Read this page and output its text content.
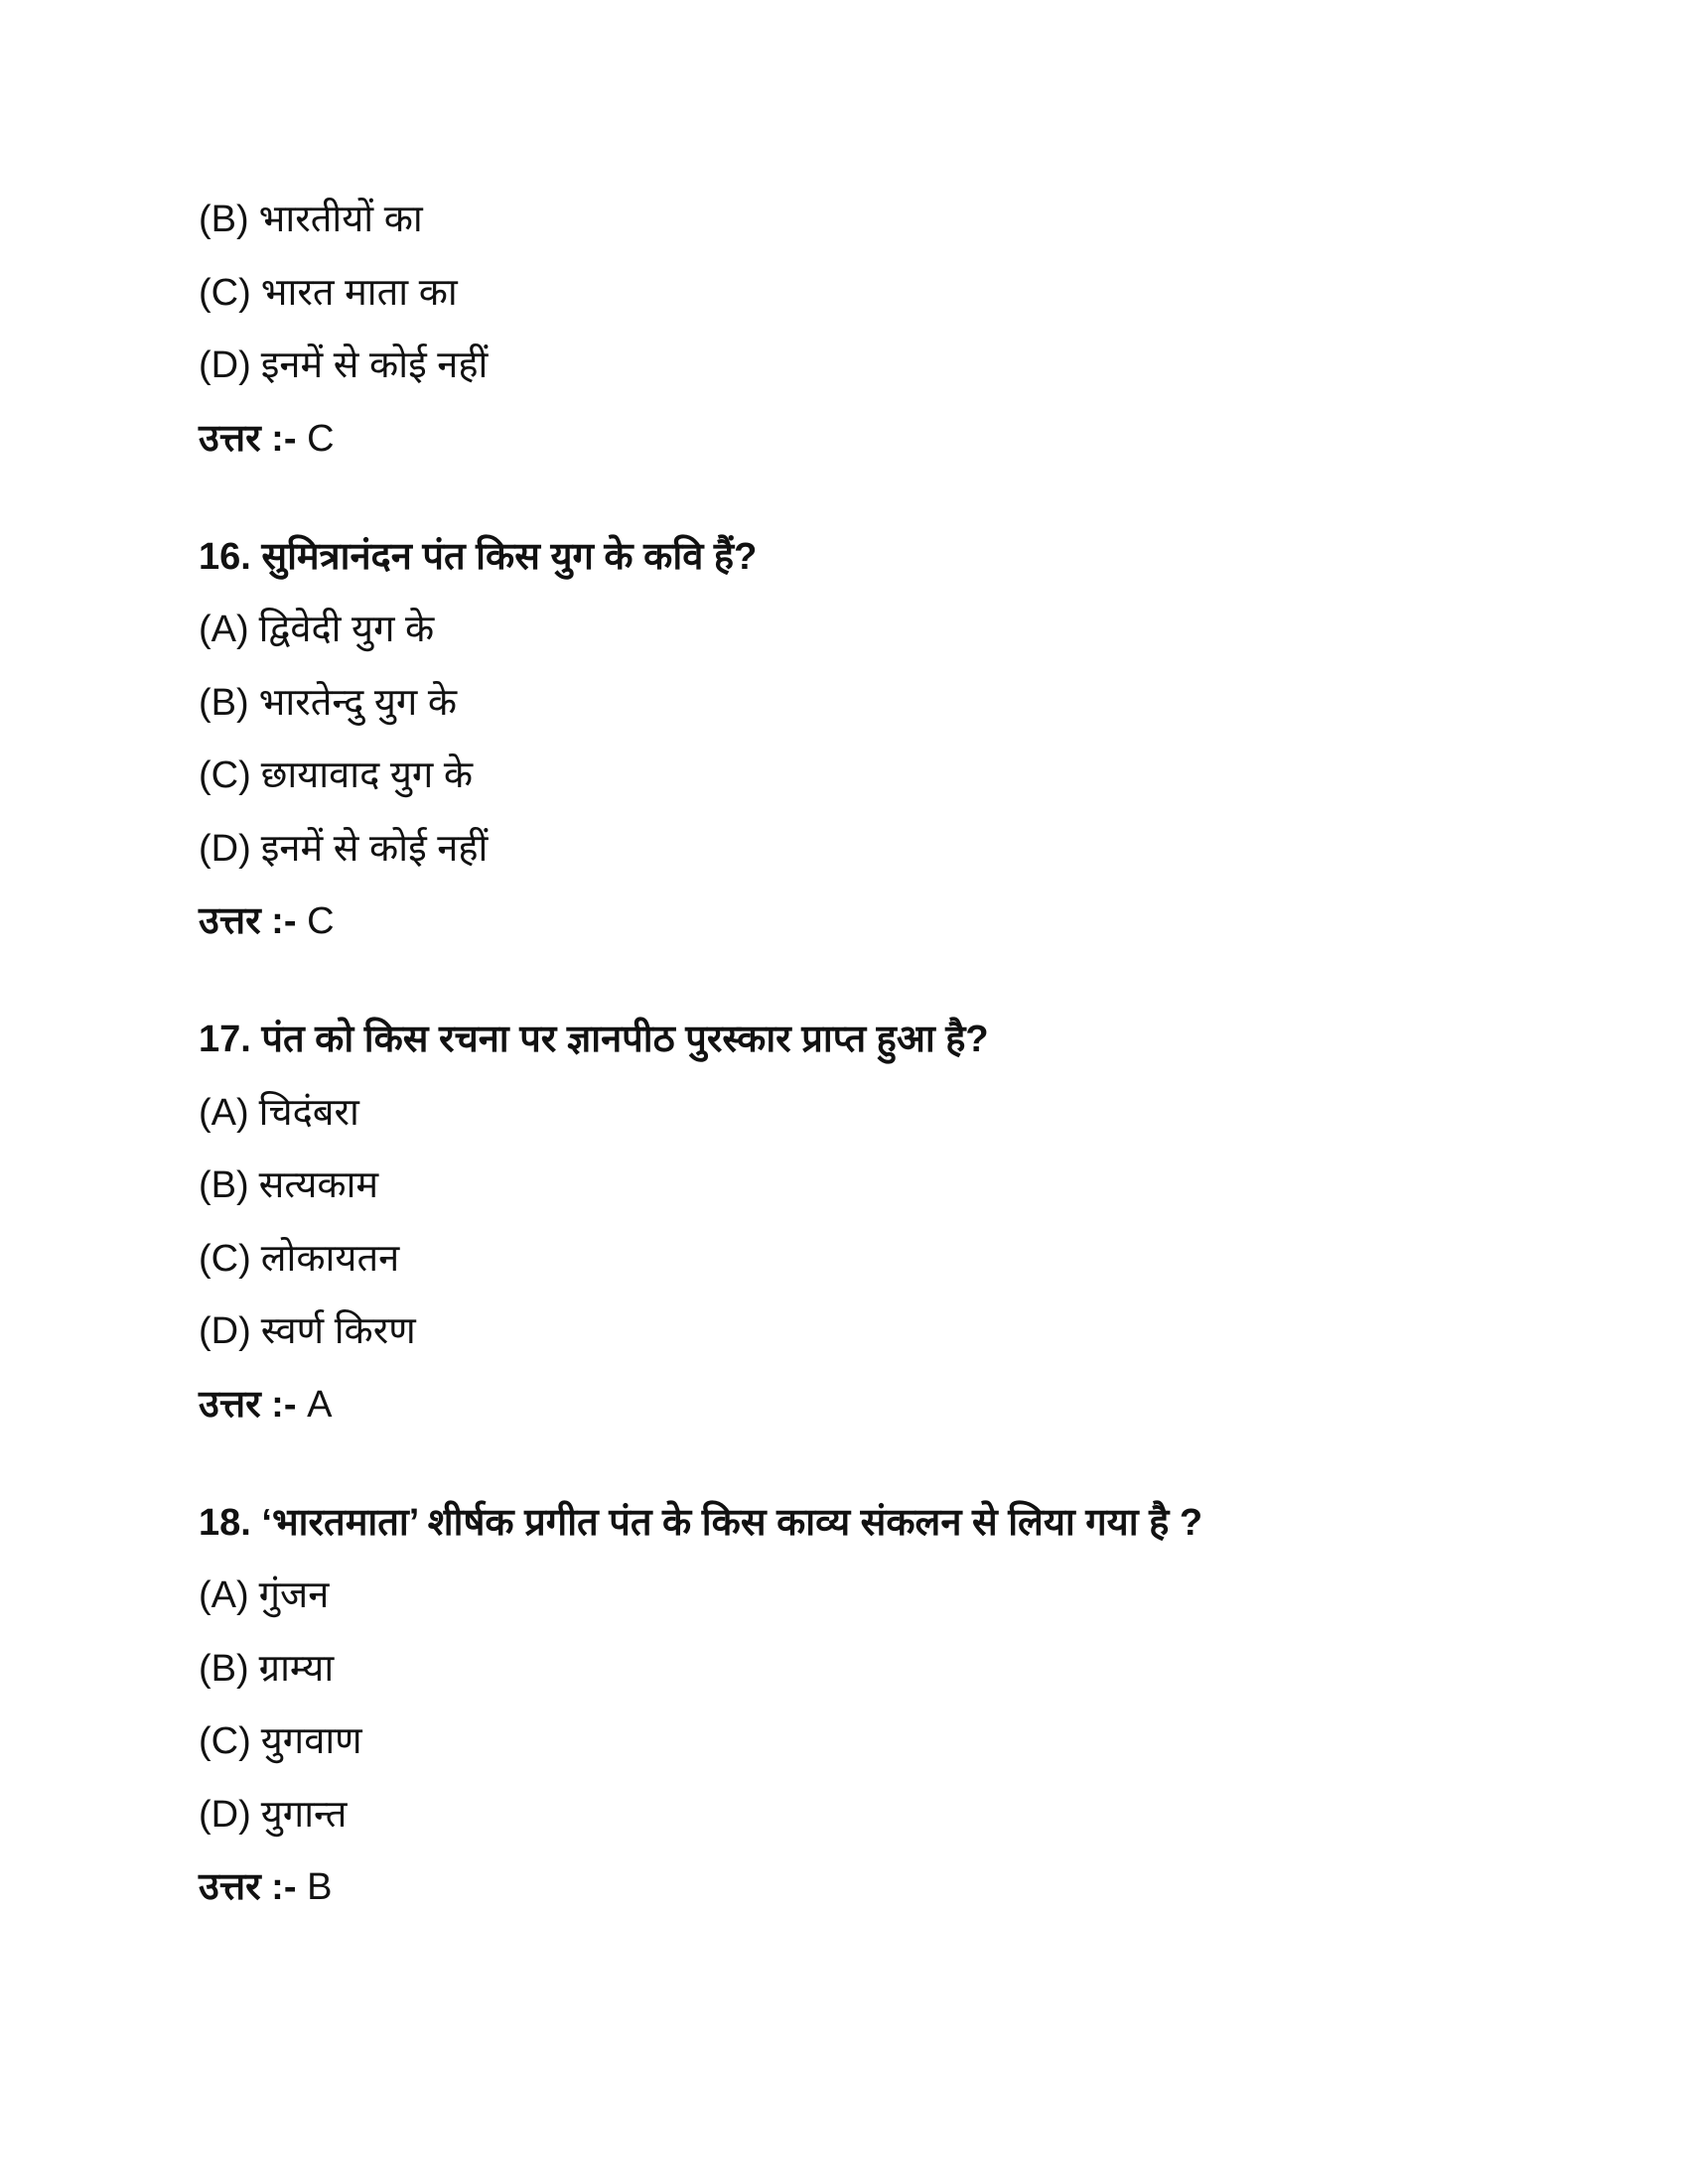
(B) भारतीयों का
(C) भारत माता का
(D) इनमें से कोई नहीं
उत्तर :- C
16. सुमित्रानंदन पंत किस युग के कवि हैं?
(A) द्विवेदी युग के
(B) भारतेन्दु युग के
(C) छायावाद युग के
(D) इनमें से कोई नहीं
उत्तर :- C
17. पंत को किस रचना पर ज्ञानपीठ पुरस्कार प्राप्त हुआ है?
(A) चिदंबरा
(B) सत्यकाम
(C) लोकायतन
(D) स्वर्ण किरण
उत्तर :- A
18. ‘भारतमाता’ शीर्षक प्रगीत पंत के किस काव्य संकलन से लिया गया है ?
(A) गुंजन
(B) ग्राम्या
(C) युगवाण
(D) युगान्त
उत्तर :- B
